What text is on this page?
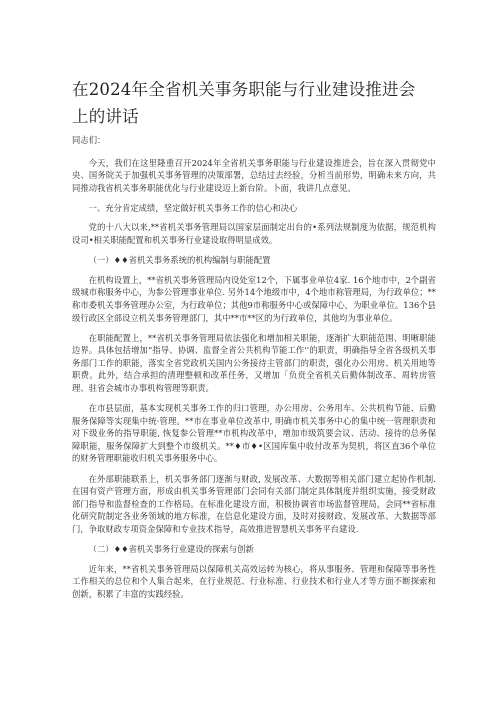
在2024年全省机关事务职能与行业建设推进会上的讲话

同志们：

今天，我们在这里隆重召开2024年全省机关事务职能与行业建设推进会，旨在深入贯彻党中央、国务院关于加强机关事务管理的决策部署，总结过去经验，分析当前形势，明确未来方向，共同推动我省机关事务职能优化与行业建设迈上新台阶。卜面，我讲几点意见。

一、充分肯定成绩，坚定做好机关事务工作的信心和决心

党的十八大以来,**省机关事务管理局以国家层面制定出台的•系列法规制度为依据，规范机构设司•相关职能配置和机关事务行业建设取得明显成效。

（一）♦♦省机关事务系统的机构编制与职能配置

在机构设置上，**省机关事务管理局内设处室12个，下属事业单位4家. 16个地市中，2个副省级城市称服务中心，为参公管理事业单位. 另外14个地级市中，4个地市称管理局，为行政单位；**称市委机关事务管理办公室，为行政单位；其他9市称服务中心或保障中心，为职业单位。136个县级行政区全部设立机关事务管理部门，其中**市**区的为行政单位，其他均为事业单位。

在职能配置上，**省机关事务管理局依法强化和增加相关职能，逐渐扩大职能范围、明晰职能边界。具体包括增加“指导、协调、监督全省公共机构节能工作'’的职责，明确指导全省各级机关事务部门工作的职能，落实全省党政机关国内公务接待主管部门的职责，强化办公用房、机关用地等职费。此外，结合承担的清理整顿和改革任务，又增加「负贲全省机关后勤体制改革、周转房管理、驻省会城市办事机构管理等职责。

在市县层面，基本实现机关事务工作的归口管理，办公用房、公务用车、公共机构节能、后勤服务保障等实现集中统·管理。**市在事业单位改革中, 明确市机关事务中心的集中统一管理职责和对下级业务的指导职能, 恢复参公管理**市机构改革中，增加市级筑要会议、活动、接待的总务保障职能，服务保障扩大到整个市级机关。**♦市♦•区国库集中收付改革为契机，将区直36个单位的财务管理职能收归机关事务服务中心。

在外部职能联系上，机关事务部门逐渐与财政, 发展改革、大数据等相关部门建立起协作机制. 在国有资产管理方面，形成由机关事务管理部门会同有关部门制定具体制度并组织实施，接受财政部门指导和监督检查的工作格局。在标准化建设方面，积极协调省市场监督管理局，会同**省标准化研究院制定各业务领域的地方标准，在信息化建设方面，及时对接财政、发展改革、大数据等部门，争取财政专项资金保障和专业技术指导，高效推进智慧机关事务平台建设.

（二）♦♦省机关事务行业建设的探索与创新

近年来，**省机关事务管理局以保障机关高效运转为核心，将从事服务、管理和保障等事务性工作相关的总位和个人集合起来，在行业规范、行业标准、行业技术和行业人才等方面不断探索和创新，积累了丰富的实践经验。
